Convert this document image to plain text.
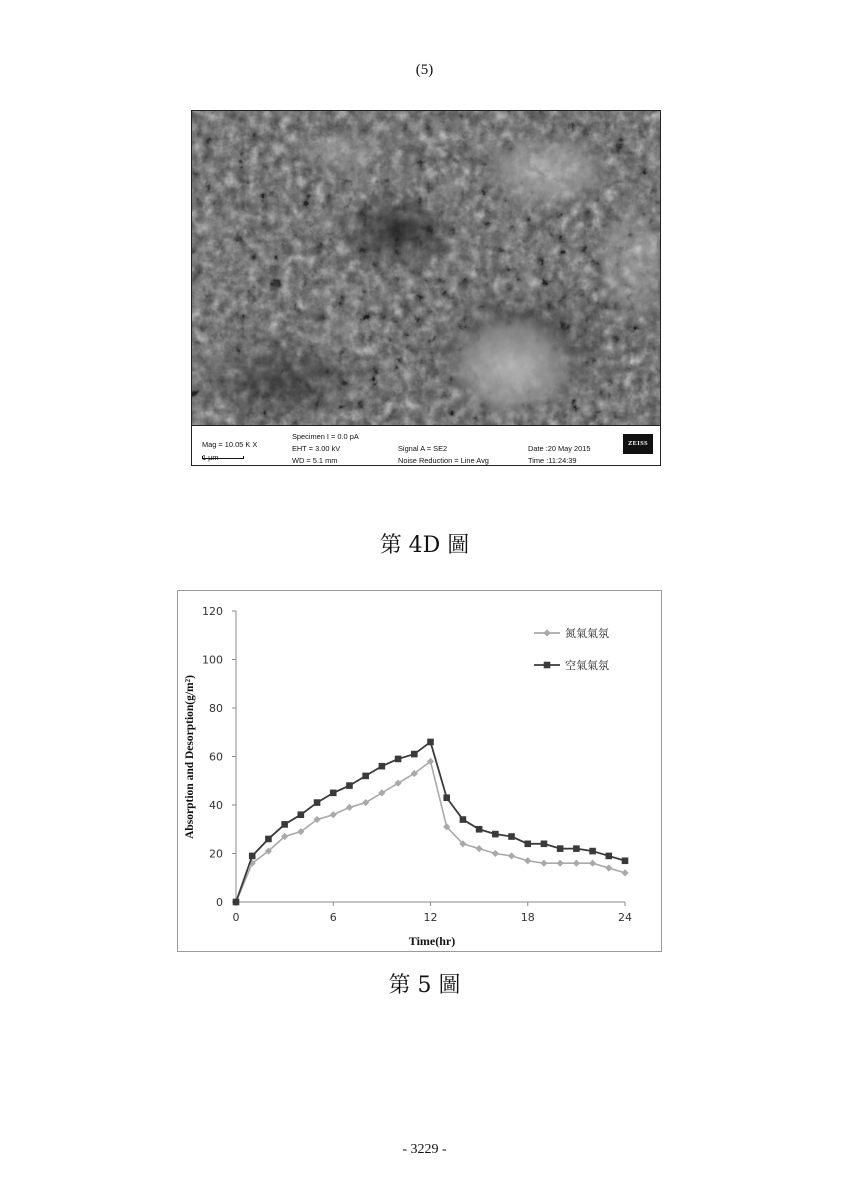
(5)
Mag = 10.05 K X
1 µm
Specimen I = 0.0 pA
EHT = 3.00 kV
WD = 5.1 mm
Signal A = SE2
Noise Reduction = Line Avg
Date :20 May 2015
Time :11:24:39
ZEISS
第 4D 圖
Absorption and Desorption(g/m²)
Time(hr)
0
20
40
60
80
100
120
0	6	12	18	24
氮氣氣氛
空氣氣氛
第 5 圖
- 3229 -
